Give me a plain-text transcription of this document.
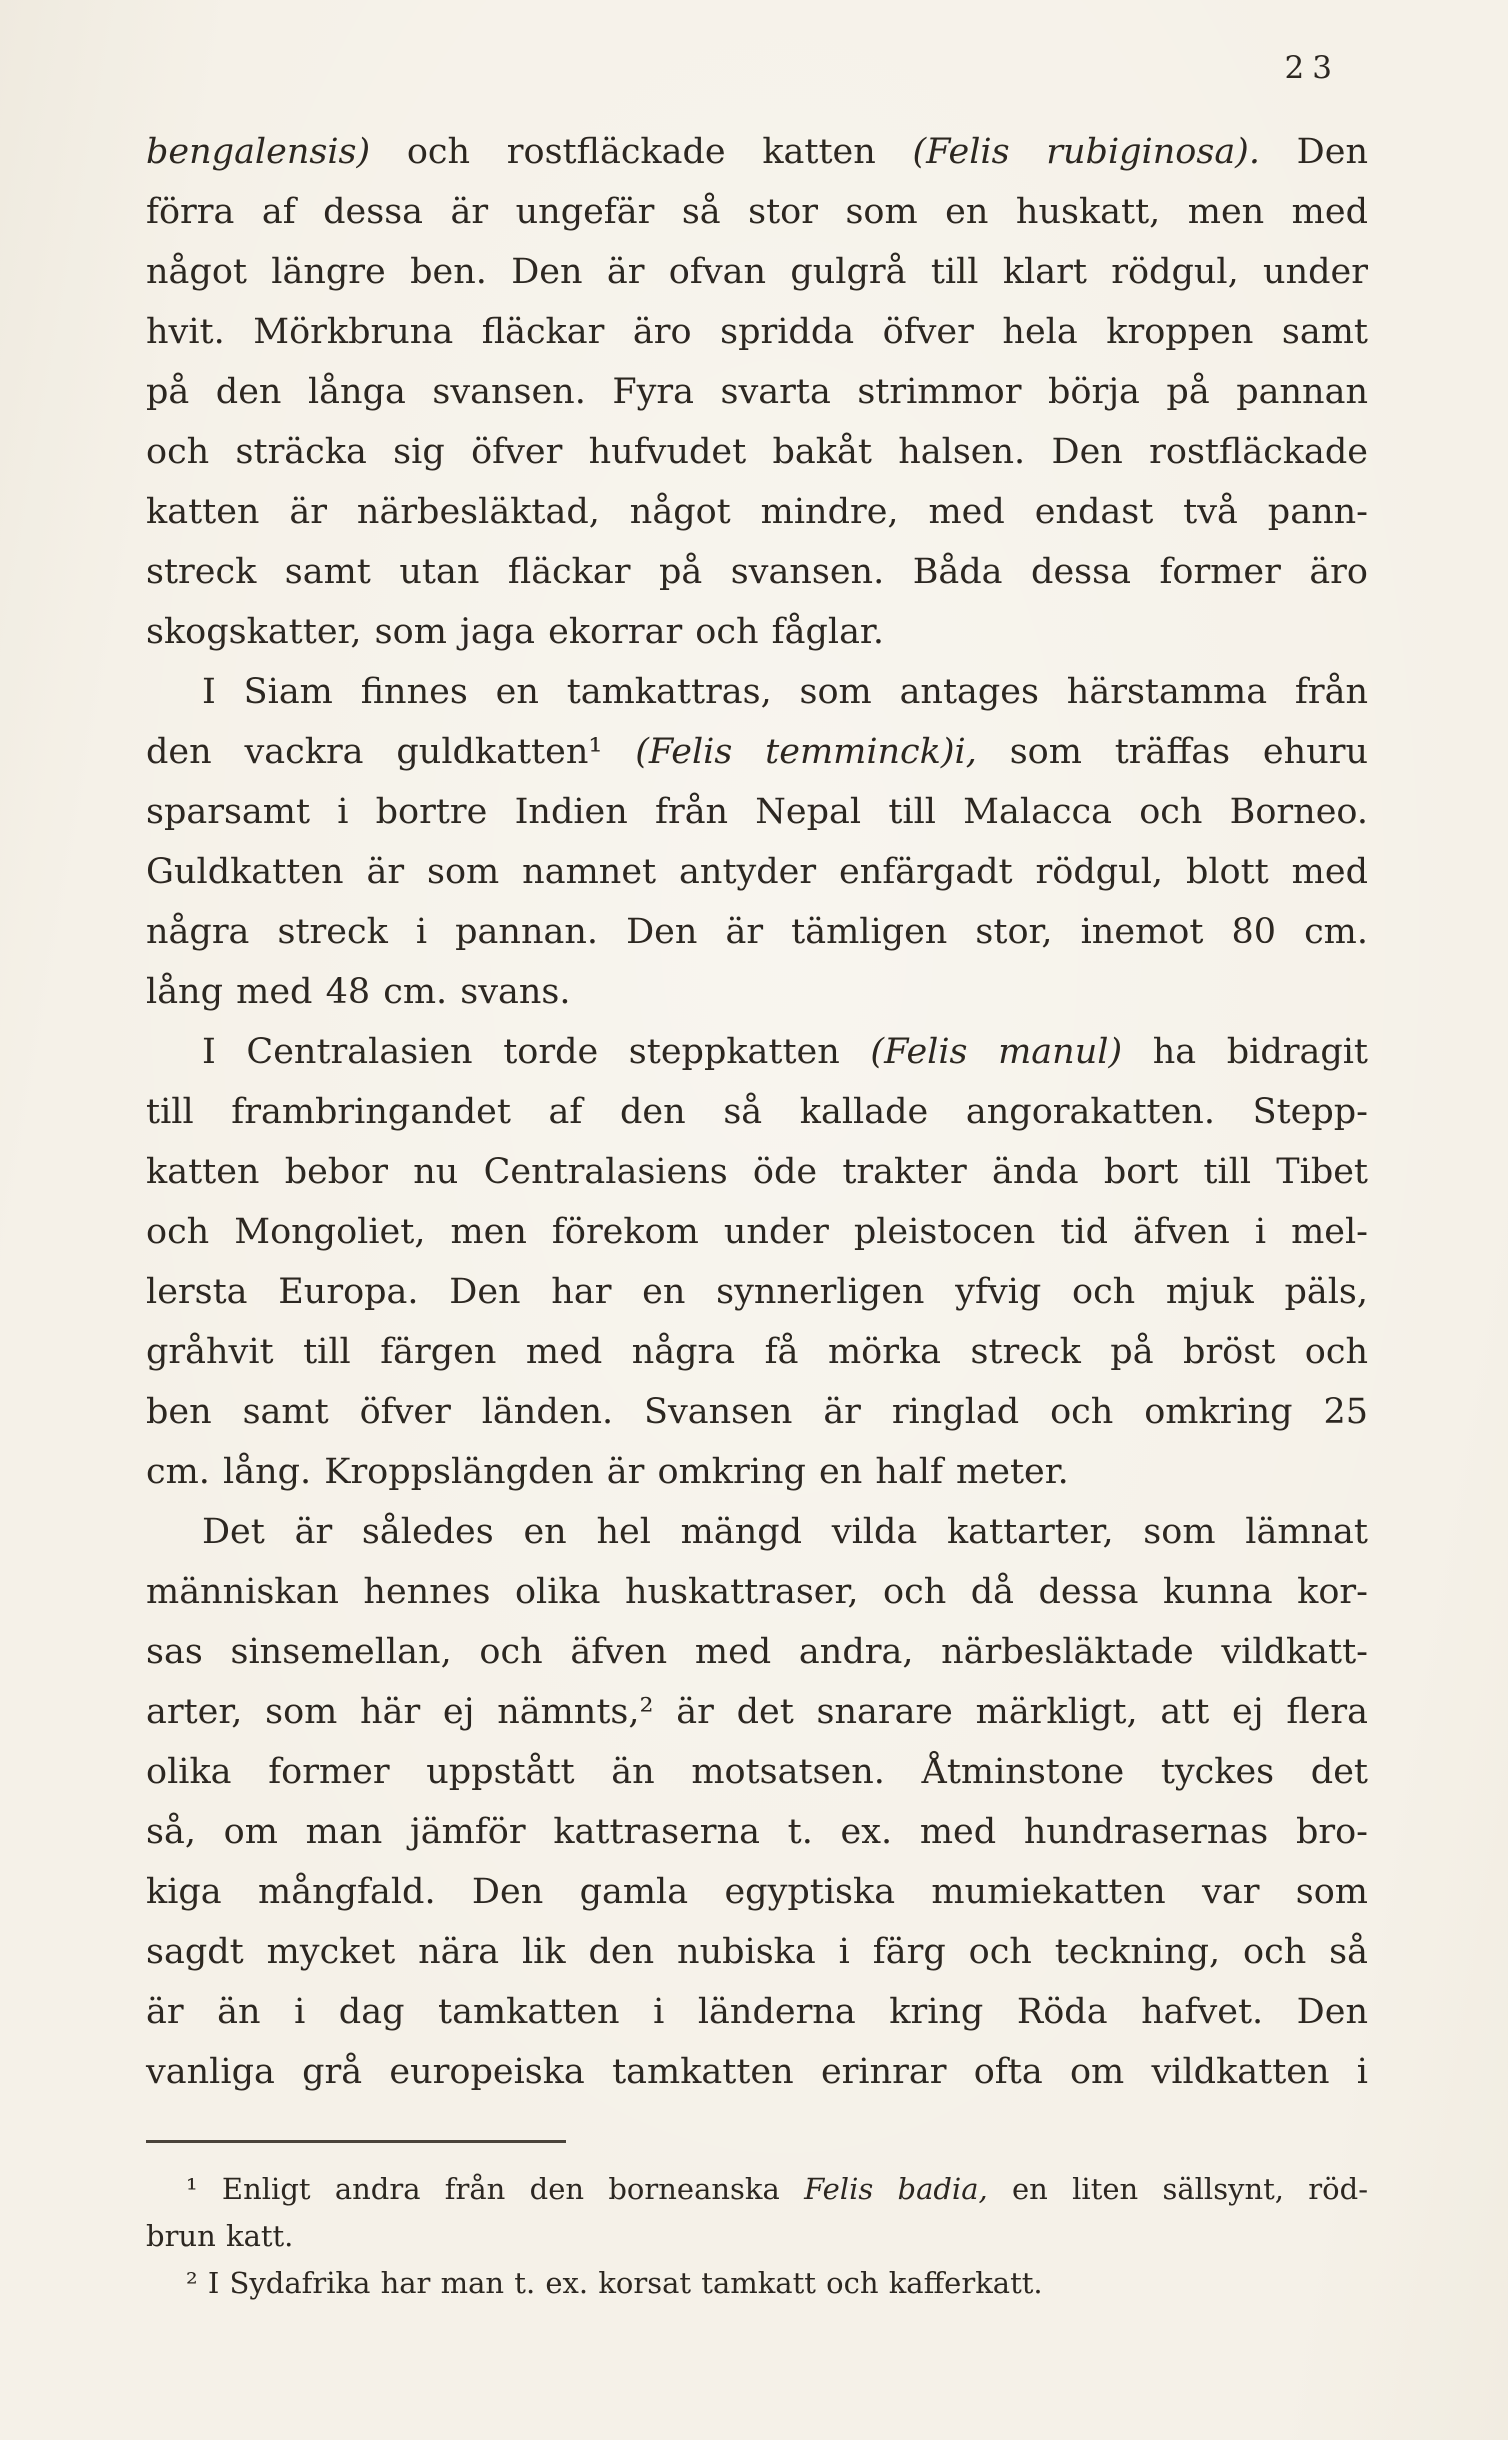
23
bengalensis) och rostfläckade katten (Felis rubiginosa). Den
förra af dessa är ungefär så stor som en huskatt, men med
något längre ben. Den är ofvan gulgrå till klart rödgul, under
hvit. Mörkbruna fläckar äro spridda öfver hela kroppen samt
på den långa svansen. Fyra svarta strimmor börja på pannan
och sträcka sig öfver hufvudet bakåt halsen. Den rostfläckade
katten är närbesläktad, något mindre, med endast två pann-
streck samt utan fläckar på svansen. Båda dessa former äro
skogskatter, som jaga ekorrar och fåglar.
I Siam finnes en tamkattras, som antages härstamma från
den vackra guldkatten¹ (Felis temminck)i, som träffas ehuru
sparsamt i bortre Indien från Nepal till Malacca och Borneo.
Guldkatten är som namnet antyder enfärgadt rödgul, blott med
några streck i pannan. Den är tämligen stor, inemot 80 cm.
lång med 48 cm. svans.
I Centralasien torde steppkatten (Felis manul) ha bidragit
till frambringandet af den så kallade angorakatten. Stepp-
katten bebor nu Centralasiens öde trakter ända bort till Tibet
och Mongoliet, men förekom under pleistocen tid äfven i mel-
lersta Europa. Den har en synnerligen yfvig och mjuk päls,
gråhvit till färgen med några få mörka streck på bröst och
ben samt öfver länden. Svansen är ringlad och omkring 25
cm. lång. Kroppslängden är omkring en half meter.
Det är således en hel mängd vilda kattarter, som lämnat
människan hennes olika huskattraser, och då dessa kunna kor-
sas sinsemellan, och äfven med andra, närbesläktade vildkatt-
arter, som här ej nämnts,² är det snarare märkligt, att ej flera
olika former uppstått än motsatsen. Åtminstone tyckes det
så, om man jämför kattraserna t. ex. med hundrasernas bro-
kiga mångfald. Den gamla egyptiska mumiekatten var som
sagdt mycket nära lik den nubiska i färg och teckning, och så
är än i dag tamkatten i länderna kring Röda hafvet. Den
vanliga grå europeiska tamkatten erinrar ofta om vildkatten i
¹ Enligt andra från den borneanska Felis badia, en liten sällsynt, röd-
brun katt.
² I Sydafrika har man t. ex. korsat tamkatt och kafferkatt.
